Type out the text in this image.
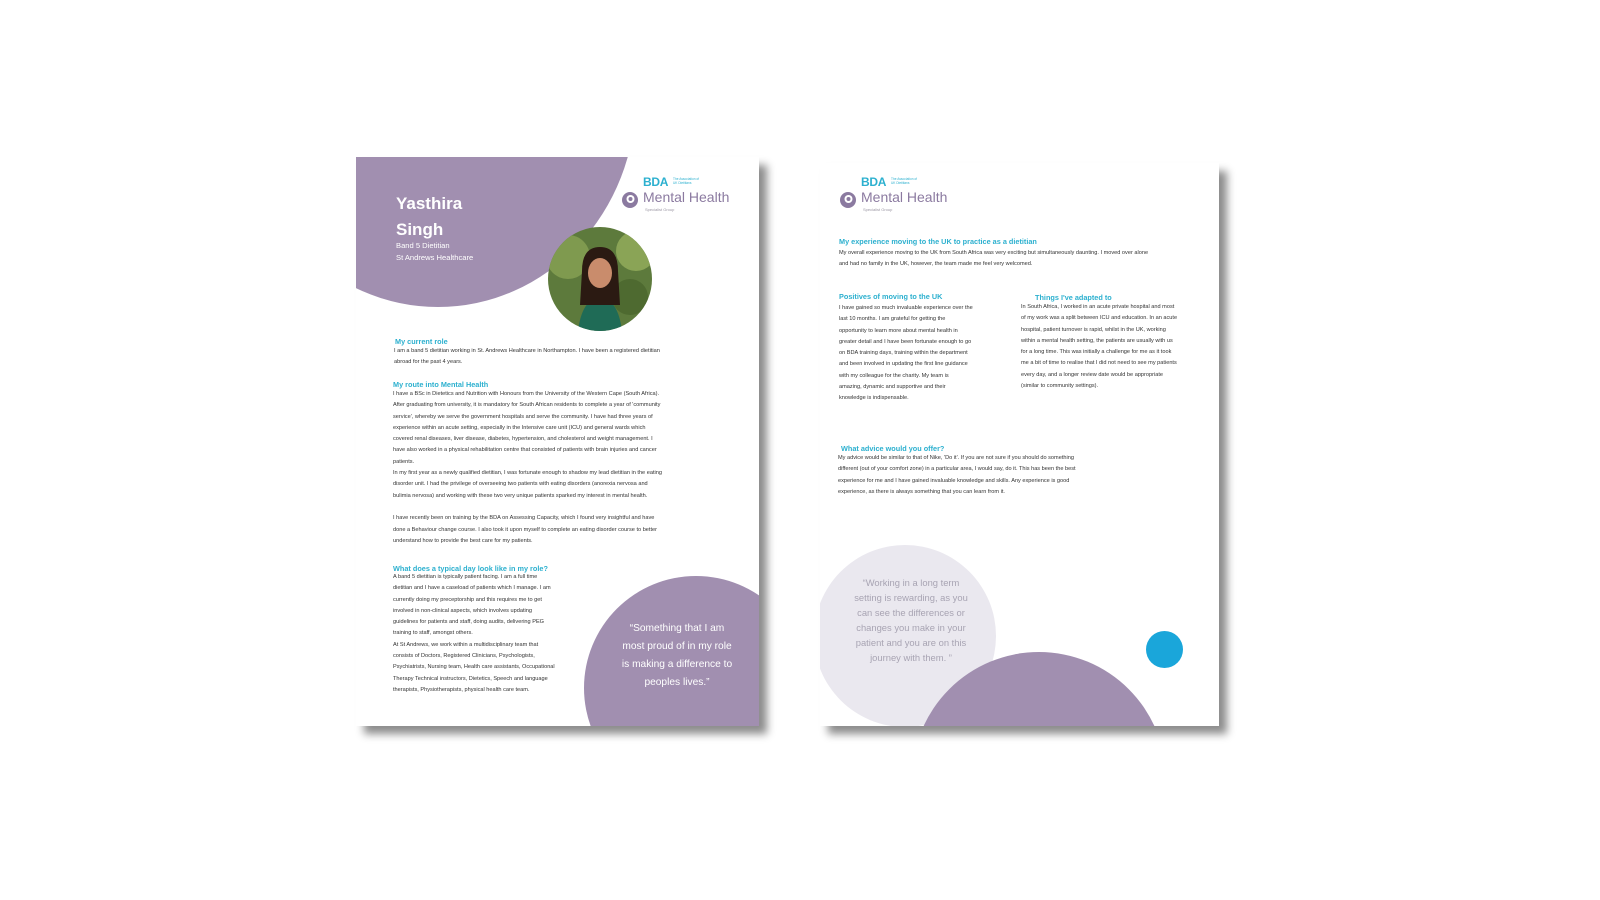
BDA The Association of UK Dietitians
Mental Health
Specialist Group
Yasthira
Singh
Band 5 Dietitian
St Andrews Healthcare
My current role
I am a band 5 dietitian working in St. Andrews Healthcare in Northampton. I have been a registered dietitian
abroad for the past 4 years.
My route into Mental Health
I have a BSc in Dietetics and Nutrition with Honours from the University of the Western Cape (South Africa).
After graduating from university, it is mandatory for South African residents to complete a year of 'community
service', whereby we serve the government hospitals and serve the community. I have had three years of
experience within an acute setting, especially in the Intensive care unit (ICU) and general wards which
covered renal diseases, liver disease, diabetes, hypertension, and cholesterol and weight management. I
have also worked in a physical rehabilitation centre that consisted of patients with brain injuries and cancer
patients.
In my first year as a newly qualified dietitian, I was fortunate enough to shadow my lead dietitian in the eating
disorder unit. I had the privilege of overseeing two patients with eating disorders (anorexia nervosa and
bulimia nervosa) and working with these two very unique patients sparked my interest in mental health.
I have recently been on training by the BDA on Assessing Capacity, which I found very insightful and have
done a Behaviour change course. I also took it upon myself to complete an eating disorder course to better
understand how to provide the best care for my patients.
What does a typical day look like in my role?
A band 5 dietitian is typically patient facing. I am a full time
dietitian and I have a caseload of patients which I manage. I am
currently doing my preceptorship and this requires me to get
involved in non-clinical aspects, which involves updating
guidelines for patients and staff, doing audits, delivering PEG
training to staff, amongst others.
At St Andrews, we work within a multidisciplinary team that
consists of Doctors, Registered Clinicians, Psychologists,
Psychiatrists, Nursing team, Health care assistants, Occupational
Therapy Technical instructors, Dietetics, Speech and language
therapists, Physiotherapists, physical health care team.
“Something that I am
most proud of in my role
is making a difference to
peoples lives.”
BDA The Association of UK Dietitians
Mental Health
Specialist Group
My experience moving to the UK to practice as a dietitian
My overall experience moving to the UK from South Africa was very exciting but simultaneously daunting. I moved over alone
and had no family in the UK, however, the team made me feel very welcomed.
Positives of moving to the UK
I have gained so much invaluable experience over the
last 10 months. I am grateful for getting the
opportunity to learn more about mental health in
greater detail and I have been fortunate enough to go
on BDA training days, training within the department
and been involved in updating the first line guidance
with my colleague for the charity. My team is
amazing, dynamic and supportive and their
knowledge is indispensable.
Things I've adapted to
In South Africa, I worked in an acute private hospital and most
of my work was a split between ICU and education. In an acute
hospital, patient turnover is rapid, whilst in the UK, working
within a mental health setting, the patients are usually with us
for a long time. This was initially a challenge for me as it took
me a bit of time to realise that I did not need to see my patients
every day, and a longer review date would be appropriate
(similar to community settings).
What advice would you offer?
My advice would be similar to that of Nike, 'Do it'. If you are not sure if you should do something
different (out of your comfort zone) in a particular area, I would say, do it. This has been the best
experience for me and I have gained invaluable knowledge and skills. Any experience is good
experience, as there is always something that you can learn from it.
“Working in a long term
setting is rewarding, as you
can see the differences or
changes you make in your
patient and you are on this
journey with them. ”
